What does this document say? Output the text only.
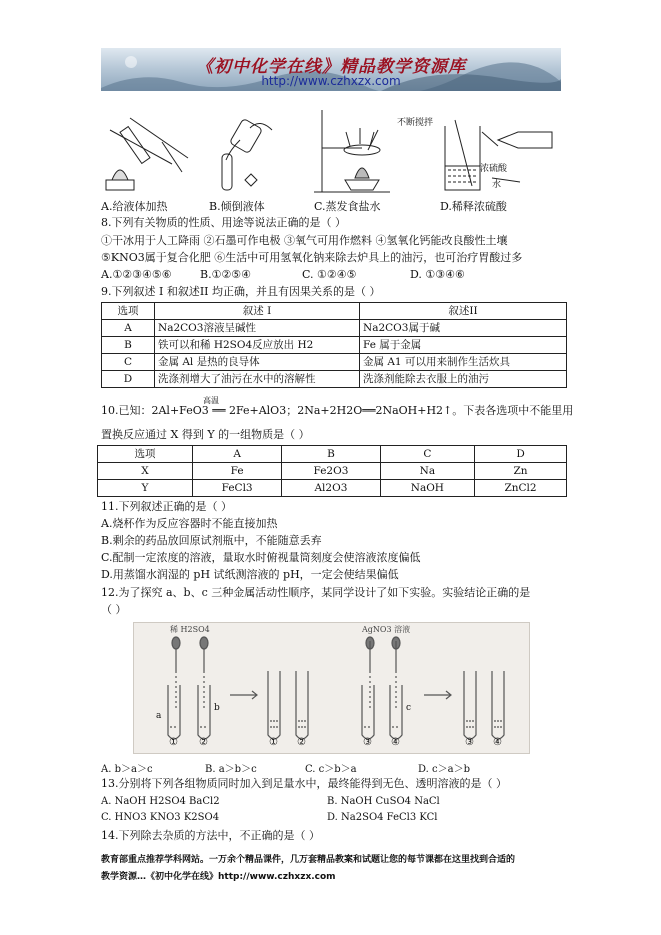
《初中化学在线》精品教学资源库
http://www.czhxzx.com
不断搅拌
浓硫酸
水
A.给液体加热	B.倾倒液体	C.蒸发食盐水	D.稀释浓硫酸
8.下列有关物质的性质、用途等说法正确的是（ ）
①干冰用于人工降雨 ②石墨可作电极 ③氧气可用作燃料 ④氢氧化钙能改良酸性土壤
⑤KNO3属于复合化肥 ⑥生活中可用氢氧化钠来除去炉具上的油污，也可治疗胃酸过多
A.①②③④⑤⑥	B.①②⑤④	C. ①②④⑤	D. ①③④⑥
9.下列叙述 I 和叙述II 均正确，并且有因果关系的是（ ）
选项	叙述 I	叙述II
A	Na2CO3溶液呈碱性	Na2CO3属于碱
B	铁可以和稀 H2SO4反应放出 H2	Fe 属于金属
C	金属 Al 是热的良导体	金属 A1 可以用来制作生活炊具
D	洗涤剂增大了油污在水中的溶解性	洗涤剂能除去衣服上的油污
高温
10.已知：2Al+FeO3 ══ 2Fe+AlO3；2Na+2H2O══2NaOH+H2↑。下表各选项中不能里用
置换反应通过 X 得到 Y 的一组物质是（ ）
选项	A	B	C	D
X	Fe	Fe2O3	Na	Zn
Y	FeCl3	Al2O3	NaOH	ZnCl2
11.下列叙述正确的是（ ）
A.烧杯作为反应容器时不能直接加热
B.剩余的药品放回原试剂瓶中，不能随意丢弃
C.配制一定浓度的溶液，量取水时俯视量筒刻度会使溶液浓度偏低
D.用蒸馏水润湿的 pH 试纸测溶液的 pH，一定会使结果偏低
12.为了探究 a、b、c 三种金属活动性顺序，某同学设计了如下实验。实验结论正确的是
（ ）
稀 H2SO4	AgNO3 溶液
a
b	c
① ②	① ②	③ ④	③ ④
A. b＞a＞c	B. a＞b＞c	C. c＞b＞a	D. c＞a＞b
13.分别将下列各组物质同时加入到足量水中，最终能得到无色、透明溶液的是（ ）
A. NaOH H2SO4 BaCl2	B. NaOH CuSO4 NaCl
C. HNO3 KNO3 K2SO4	D. Na2SO4 FeCl3 KCl
14.下列除去杂质的方法中，不正确的是（ ）
教育部重点推荐学科网站。一万余个精品课件，几万套精品教案和试题让您的每节课都在这里找到合适的
教学资源…《初中化学在线》http://www.czhxzx.com
